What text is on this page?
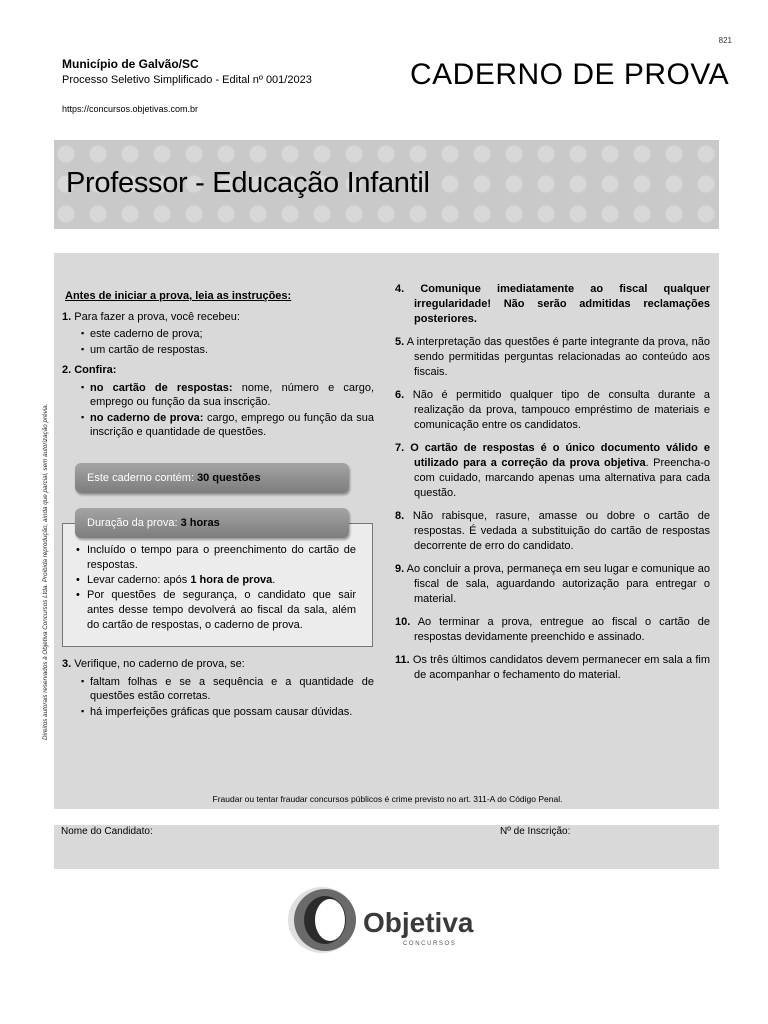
821
Município de Galvão/SC
Processo Seletivo Simplificado - Edital nº 001/2023
https://concursos.objetivas.com.br
CADERNO DE PROVA
Professor - Educação Infantil
Direitos autorais reservados à Objetiva Concursos Ltda. Proibida reprodução, ainda que parcial, sem autorização prévia.

Antes de iniciar a prova, leia as instruções:

1. Para fazer a prova, você recebeu:

▪ este caderno de prova;
▪ um cartão de respostas.

2. Confira:

▪ no cartão de respostas: nome, número e cargo, emprego ou função da sua inscrição.
▪ no caderno de prova: cargo, emprego ou função da sua inscrição e quantidade de questões.
Este caderno contém: 30 questões
Duração da prova: 3 horas
• Incluído o tempo para o preenchimento do cartão de respostas.
• Levar caderno: após 1 hora de prova.
• Por questões de segurança, o candidato que sair antes desse tempo devolverá ao fiscal da sala, além do cartão de respostas, o caderno de prova.

3. Verifique, no caderno de prova, se:

▪ faltam folhas e se a sequência e a quantidade de questões estão corretas.
▪ há imperfeições gráficas que possam causar dúvidas.

4. Comunique imediatamente ao fiscal qualquer irregularidade! Não serão admitidas reclamações posteriores.

5. A interpretação das questões é parte integrante da prova, não sendo permitidas perguntas relacionadas ao conteúdo aos fiscais.

6. Não é permitido qualquer tipo de consulta durante a realização da prova, tampouco empréstimo de materiais e comunicação entre os candidatos.

7. O cartão de respostas é o único documento válido e utilizado para a correção da prova objetiva. Preencha-o com cuidado, marcando apenas uma alternativa para cada questão.

8. Não rabisque, rasure, amasse ou dobre o cartão de respostas. É vedada a substituição do cartão de respostas decorrente de erro do candidato.

9. Ao concluir a prova, permaneça em seu lugar e comunique ao fiscal de sala, aguardando autorização para entregar o material.

10. Ao terminar a prova, entregue ao fiscal o cartão de respostas devidamente preenchido e assinado.

11. Os três últimos candidatos devem permanecer em sala a fim de acompanhar o fechamento do material.

Fraudar ou tentar fraudar concursos públicos é crime previsto no art. 311-A do Código Penal.
Nome do Candidato:	Nº de Inscrição:
Objetiva
CONCURSOS
